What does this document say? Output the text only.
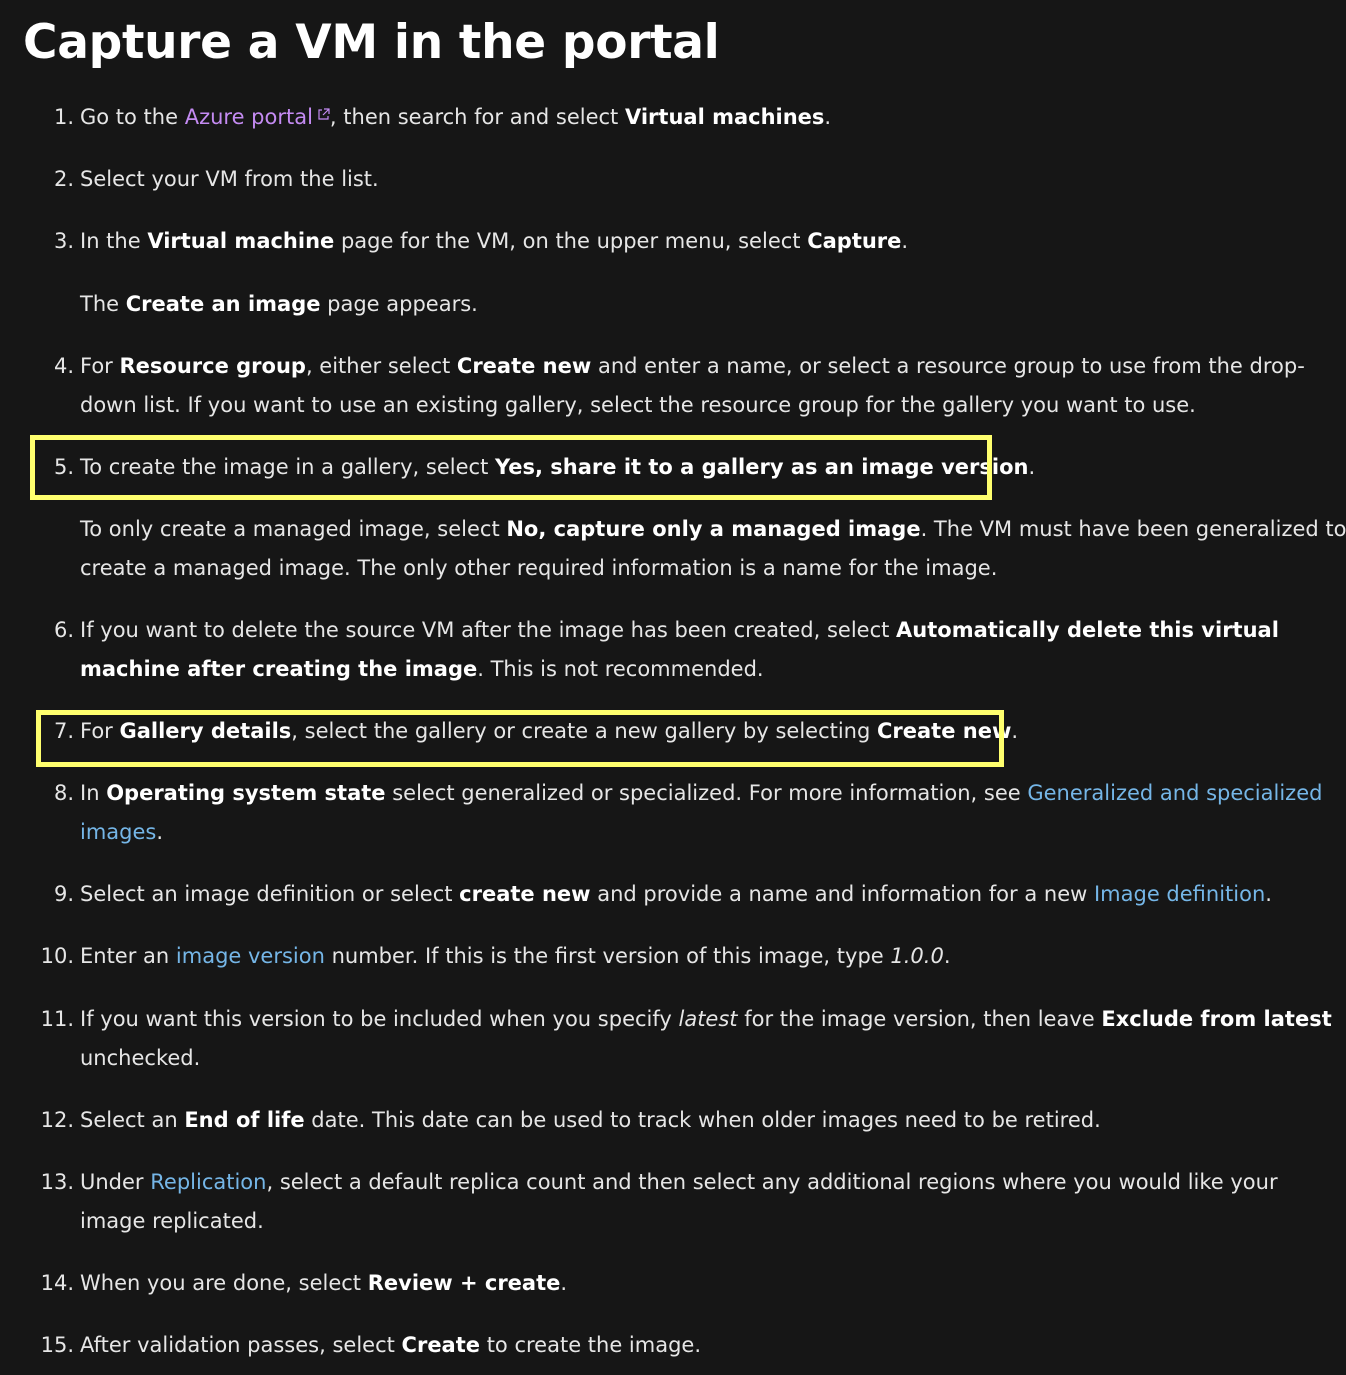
Capture a VM in the portal
1. Go to the Azure portal , then search for and select Virtual machines.
2. Select your VM from the list.
3. In the Virtual machine page for the VM, on the upper menu, select Capture.
The Create an image page appears.
4. For Resource group, either select Create new and enter a name, or select a resource group to use from the drop-
down list. If you want to use an existing gallery, select the resource group for the gallery you want to use.
5. To create the image in a gallery, select Yes, share it to a gallery as an image version.
To only create a managed image, select No, capture only a managed image. The VM must have been generalized to
create a managed image. The only other required information is a name for the image.
6. If you want to delete the source VM after the image has been created, select Automatically delete this virtual
machine after creating the image. This is not recommended.
7. For Gallery details, select the gallery or create a new gallery by selecting Create new.
8. In Operating system state select generalized or specialized. For more information, see Generalized and specialized
images.
9. Select an image definition or select create new and provide a name and information for a new Image definition.
10. Enter an image version number. If this is the first version of this image, type 1.0.0.
11. If you want this version to be included when you specify latest for the image version, then leave Exclude from latest
unchecked.
12. Select an End of life date. This date can be used to track when older images need to be retired.
13. Under Replication, select a default replica count and then select any additional regions where you would like your
image replicated.
14. When you are done, select Review + create.
15. After validation passes, select Create to create the image.
